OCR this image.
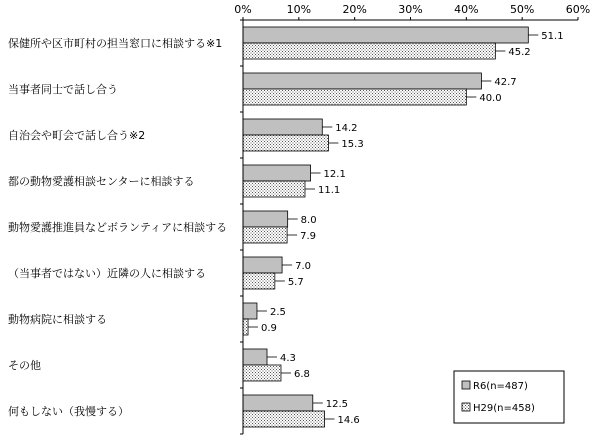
51.1
45.2
42.7
40.0
14.2
15.3
12.1
11.1
8.0
7.9
7.0
5.7
2.5
0.9
4.3
6.8
12.5
14.6
0%	10%	20%	30%	40%	50%	60%
保健所や区市町村の担当窓口に相談する※1
当事者同士で話し合う
自治会や町会で話し合う※2
都の動物愛護相談センターに相談する
動物愛護推進員などボランティアに相談する
（当事者ではない）近隣の人に相談する
動物病院に相談する
その他
何もしない（我慢する）
R6(n=487)
H29(n=458)
